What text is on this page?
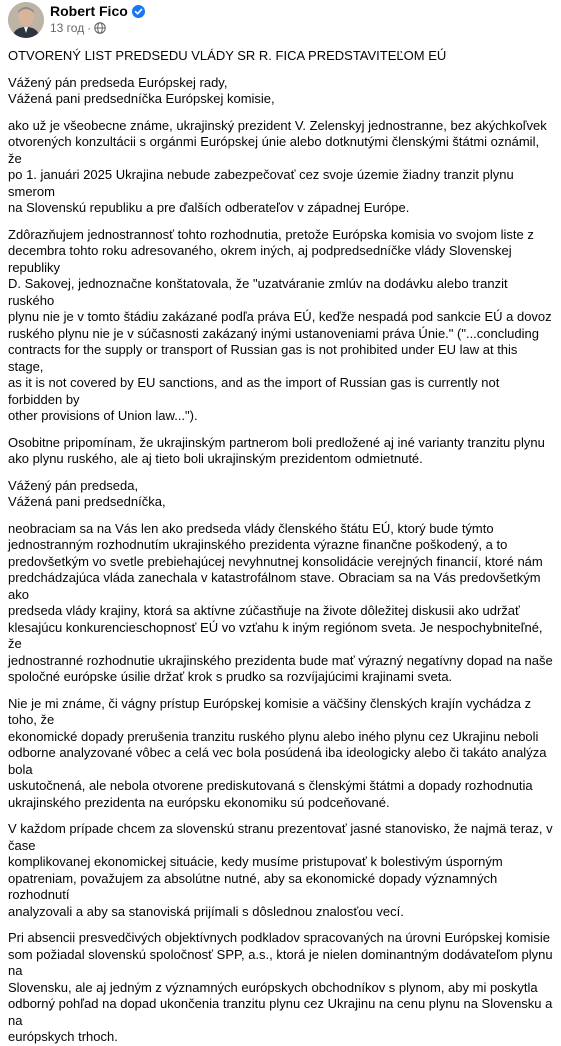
Robert Fico
13 год ·

OTVORENÝ LIST PREDSEDU VLÁDY SR R. FICA PREDSTAVITEĽOM EÚ

Vážený pán predseda Európskej rady,
Vážená pani predsedníčka Európskej komisie,

ako už je všeobecne známe, ukrajinský prezident V. Zelenskyj jednostranne, bez akýchkoľvek
otvorených konzultácii s orgánmi Európskej únie alebo dotknutými členskými štátmi oznámil, že
po 1. januári 2025 Ukrajina nebude zabezpečovať cez svoje územie žiadny tranzit plynu smerom
na Slovenskú republiku a pre ďalších odberateľov v západnej Európe.

Zdôrazňujem jednostrannosť tohto rozhodnutia, pretože Európska komisia vo svojom liste z
decembra tohto roku adresovaného, okrem iných, aj podpredsedníčke vlády Slovenskej republiky
D. Sakovej, jednoznačne konštatovala, že "uzatváranie zmlúv na dodávku alebo tranzit ruského
plynu nie je v tomto štádiu zakázané podľa práva EÚ, keďže nespadá pod sankcie EÚ a dovoz
ruského plynu nie je v súčasnosti zakázaný inými ustanoveniami práva Únie." ("...concluding
contracts for the supply or transport of Russian gas is not prohibited under EU law at this stage,
as it is not covered by EU sanctions, and as the import of Russian gas is currently not forbidden by
other provisions of Union law...").

Osobitne pripomínam, že ukrajinským partnerom boli predložené aj iné varianty tranzitu plynu
ako plynu ruského, ale aj tieto boli ukrajinským prezidentom odmietnuté.

Vážený pán predseda,
Vážená pani predsedníčka,

neobraciam sa na Vás len ako predseda vlády členského štátu EÚ, ktorý bude týmto
jednostranným rozhodnutím ukrajinského prezidenta výrazne finančne poškodený, a to
predovšetkým vo svetle prebiehajúcej nevyhnutnej konsolidácie verejných financií, ktoré nám
predchádzajúca vláda zanechala v katastrofálnom stave. Obraciam sa na Vás predovšetkým ako
predseda vlády krajiny, ktorá sa aktívne zúčastňuje na živote dôležitej diskusii ako udržať
klesajúcu konkurencieschopnosť EÚ vo vzťahu k iným regiónom sveta. Je nespochybniteľné, že
jednostranné rozhodnutie ukrajinského prezidenta bude mať výrazný negatívny dopad na naše
spoločné európske úsilie držať krok s prudko sa rozvíjajúcimi krajinami sveta.

Nie je mi známe, či vágny prístup Európskej komisie a väčšiny členských krajín vychádza z toho, že
ekonomické dopady prerušenia tranzitu ruského plynu alebo iného plynu cez Ukrajinu neboli
odborne analyzované vôbec a celá vec bola posúdená iba ideologicky alebo či takáto analýza bola
uskutočnená, ale nebola otvorene prediskutovaná s členskými štátmi a dopady rozhodnutia
ukrajinského prezidenta na európsku ekonomiku sú podceňované.

V každom prípade chcem za slovenskú stranu prezentovať jasné stanovisko, že najmä teraz, v čase
komplikovanej ekonomickej situácie, kedy musíme pristupovať k bolestivým úsporným
opatreniam, považujem za absolútne nutné, aby sa ekonomické dopady významných rozhodnutí
analyzovali a aby sa stanoviská prijímali s dôslednou znalosťou vecí.

Pri absencii presvedčivých objektívnych podkladov spracovaných na úrovni Európskej komisie
som požiadal slovenskú spoločnosť SPP, a.s., ktorá je nielen dominantným dodávateľom plynu na
Slovensku, ale aj jedným z významných európskych obchodníkov s plynom, aby mi poskytla
odborný pohľad na dopad ukončenia tranzitu plynu cez Ukrajinu na cenu plynu na Slovensku a na
európskych trhoch.
